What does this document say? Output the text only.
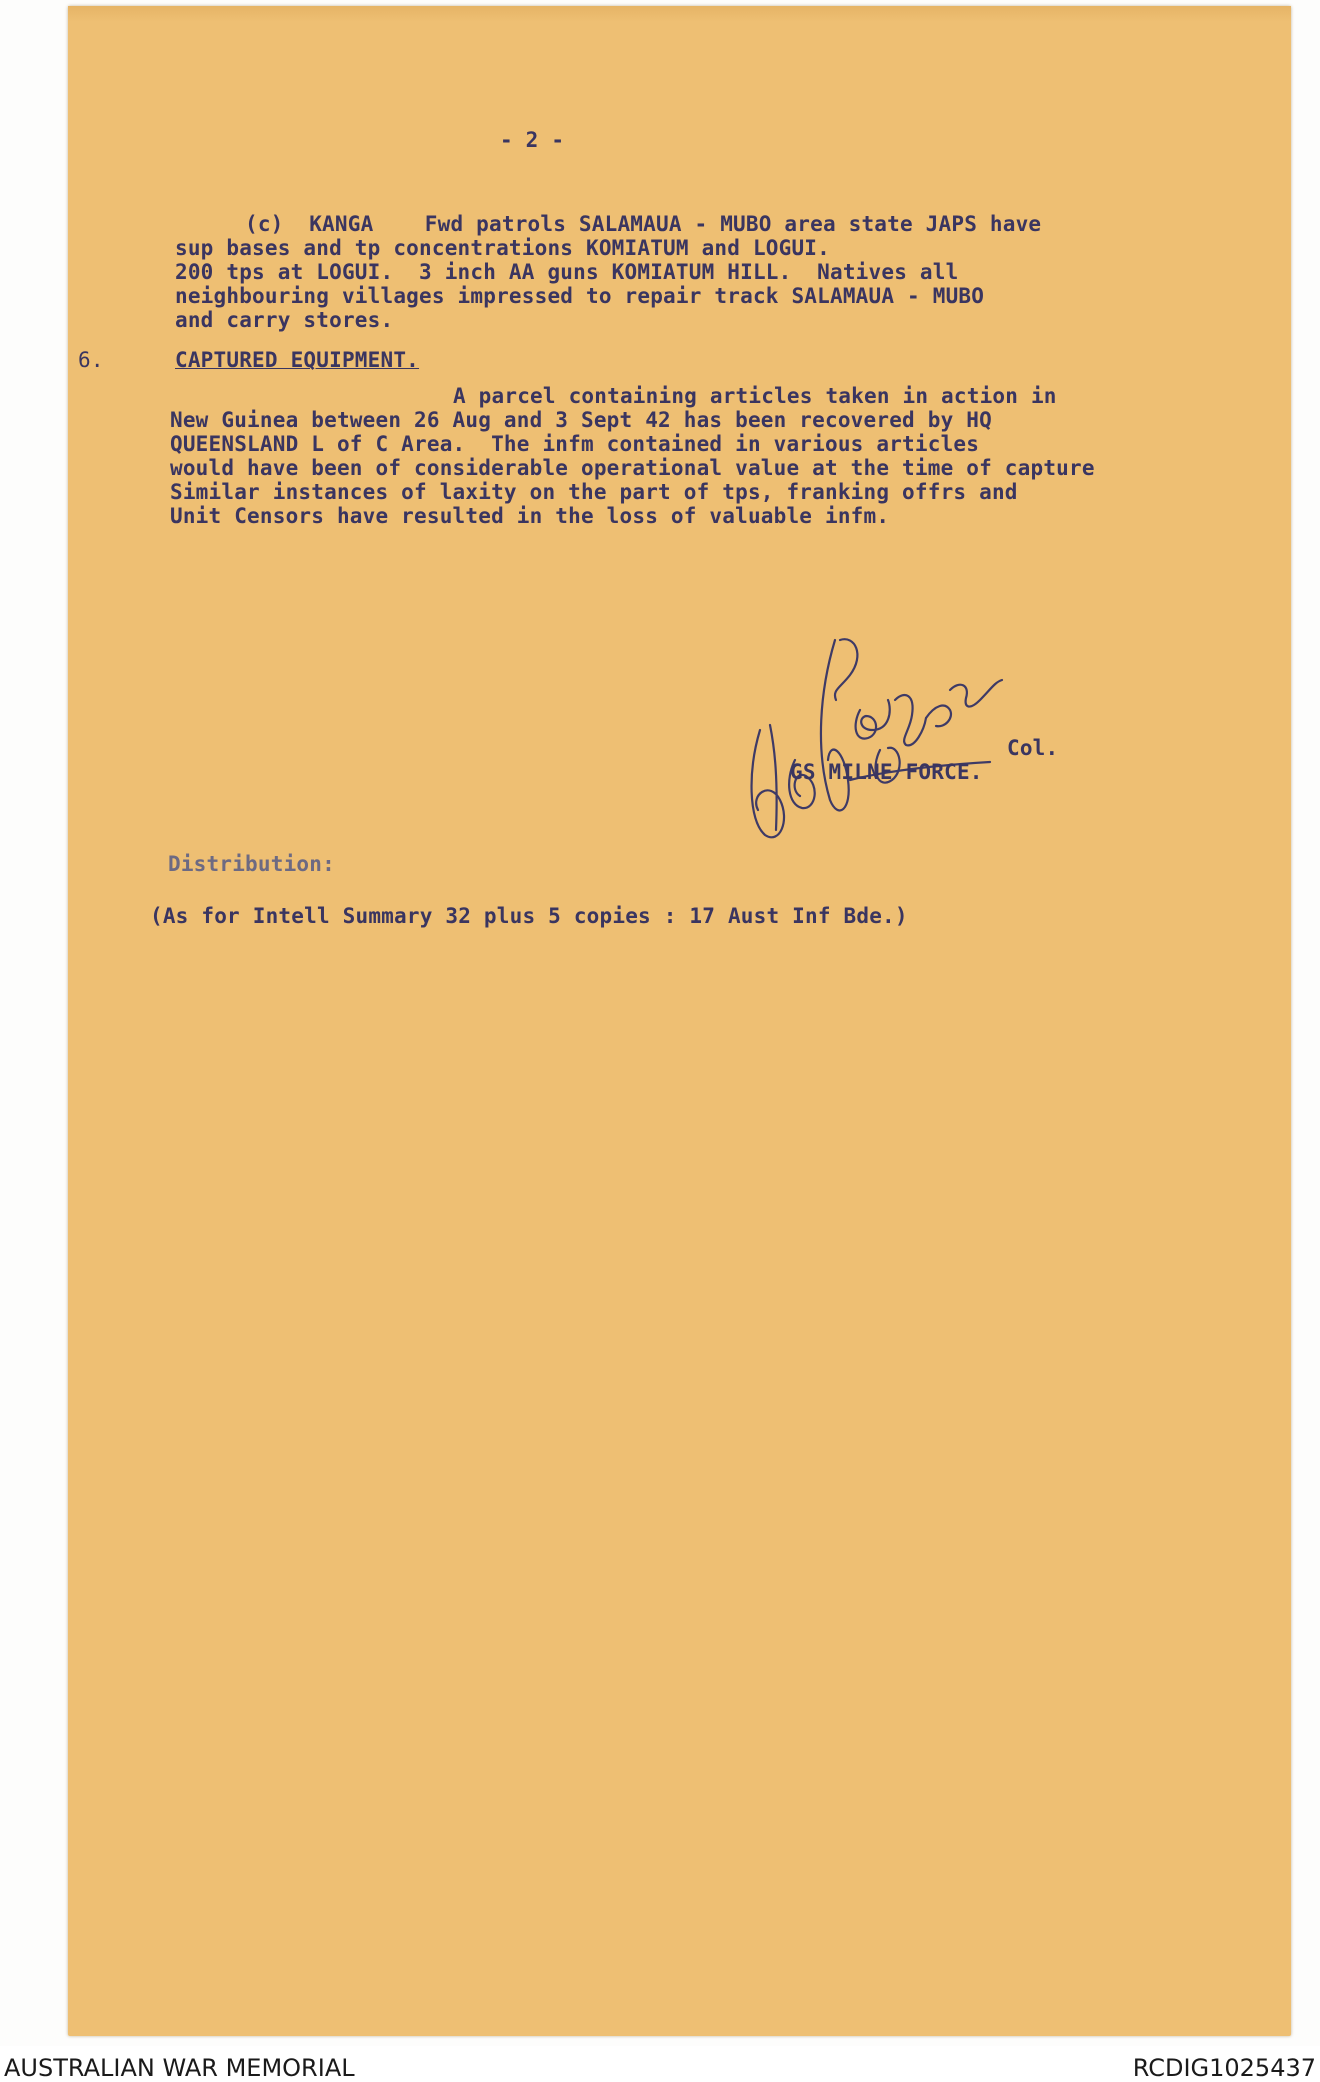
- 2 -
(c)  KANGA    Fwd patrols SALAMAUA - MUBO area state JAPS have
sup bases and tp concentrations KOMIATUM and LOGUI.
200 tps at LOGUI.  3 inch AA guns KOMIATUM HILL.  Natives all
neighbouring villages impressed to repair track SALAMAUA - MUBO
and carry stores.
6.	CAPTURED EQUIPMENT.
A parcel containing articles taken in action in
New Guinea between 26 Aug and 3 Sept 42 has been recovered by HQ
QUEENSLAND L of C Area.  The infm contained in various articles
would have been of considerable operational value at the time of capture
Similar instances of laxity on the part of tps, franking offrs and
Unit Censors have resulted in the loss of valuable infm.
Col.
GS MILNE FORCE.
Distribution:
(As for Intell Summary 32 plus 5 copies : 17 Aust Inf Bde.)
AUSTRALIAN WAR MEMORIAL	RCDIG1025437
